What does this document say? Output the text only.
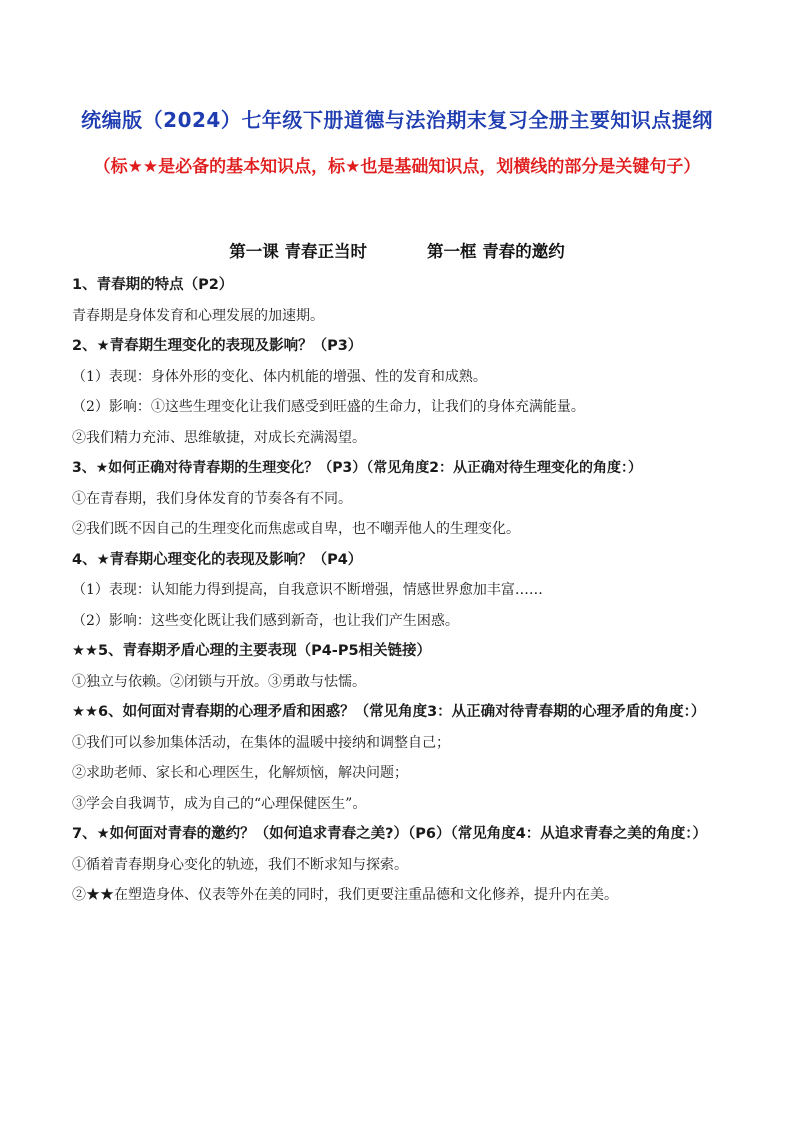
统编版（2024）七年级下册道德与法治期末复习全册主要知识点提纲
（标★★是必备的基本知识点，标★也是基础知识点，划横线的部分是关键句子）
第一课 青春正当时	第一框 青春的邀约
1、青春期的特点（P2）
青春期是身体发育和心理发展的加速期。
2、★青春期生理变化的表现及影响？（P3）
（1）表现：身体外形的变化、体内机能的增强、性的发育和成熟。
（2）影响：①这些生理变化让我们感受到旺盛的生命力，让我们的身体充满能量。
②我们精力充沛、思维敏捷，对成长充满渴望。
3、★如何正确对待青春期的生理变化？（P3）（常见角度2：从正确对待生理变化的角度：）
①在青春期，我们身体发育的节奏各有不同。
②我们既不因自己的生理变化而焦虑或自卑，也不嘲弄他人的生理变化。
4、★青春期心理变化的表现及影响？（P4）
（1）表现：认知能力得到提高，自我意识不断增强，情感世界愈加丰富……
（2）影响：这些变化既让我们感到新奇，也让我们产生困惑。
★★5、青春期矛盾心理的主要表现（P4-P5相关链接）
①独立与依赖。②闭锁与开放。③勇敢与怯懦。
★★6、如何面对青春期的心理矛盾和困惑？（常见角度3：从正确对待青春期的心理矛盾的角度：）
①我们可以参加集体活动，在集体的温暖中接纳和调整自己；
②求助老师、家长和心理医生，化解烦恼，解决问题；
③学会自我调节，成为自己的“心理保健医生”。
7、★如何面对青春的邀约？（如何追求青春之美?）（P6）（常见角度4：从追求青春之美的角度：）
①循着青春期身心变化的轨迹，我们不断求知与探索。
②★★在塑造身体、仪表等外在美的同时，我们更要注重品德和文化修养，提升内在美。
